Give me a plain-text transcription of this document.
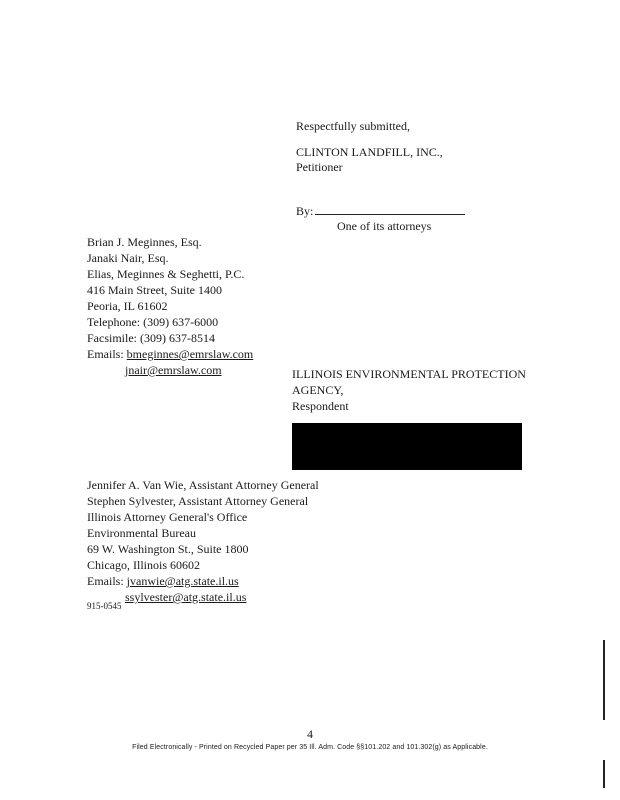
Respectfully submitted,
CLINTON LANDFILL, INC.,
Petitioner
By:
One of its attorneys
Brian J. Meginnes, Esq.
Janaki Nair, Esq.
Elias, Meginnes & Seghetti, P.C.
416 Main Street, Suite 1400
Peoria, IL 61602
Telephone: (309) 637-6000
Facsimile: (309) 637-8514
Emails: bmeginnes@emrslaw.com
jnair@emrslaw.com	ILLINOIS ENVIRONMENTAL PROTECTION
AGENCY,
Respondent
Jennifer A. Van Wie, Assistant Attorney General
Stephen Sylvester, Assistant Attorney General
Illinois Attorney General's Office
Environmental Bureau
69 W. Washington St., Suite 1800
Chicago, Illinois 60602
Emails: jvanwie@atg.state.il.us
ssylvester@atg.state.il.us
915-0545
4
Filed Electronically - Printed on Recycled Paper per 35 Ill. Adm. Code §§101.202 and 101.302(g) as Applicable.
